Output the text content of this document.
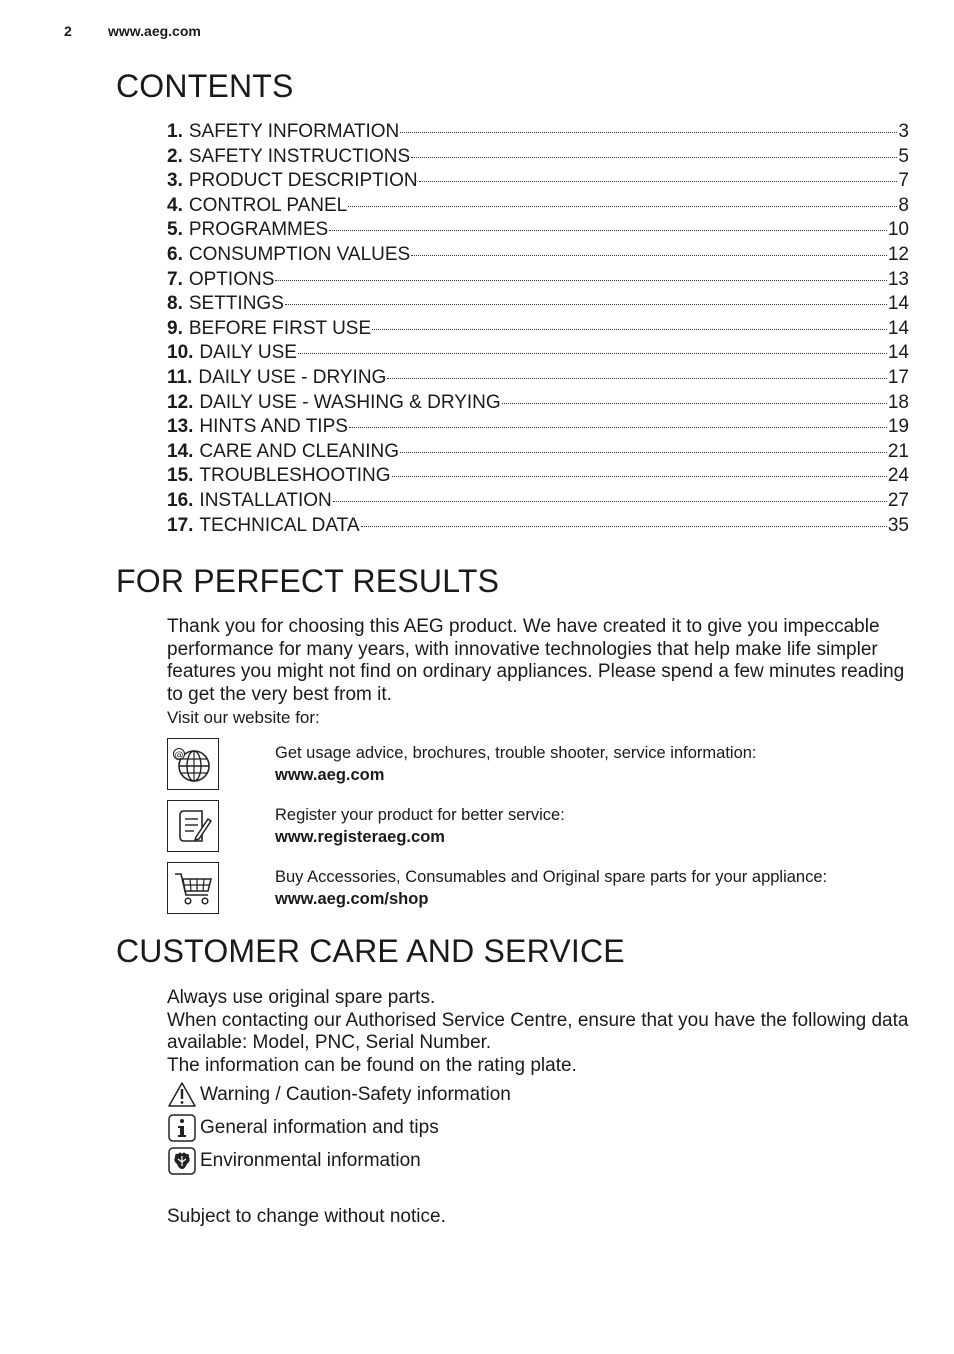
2	www.aeg.com
CONTENTS
1. SAFETY INFORMATION	3
2. SAFETY INSTRUCTIONS	5
3. PRODUCT DESCRIPTION	7
4. CONTROL PANEL	8
5. PROGRAMMES	10
6. CONSUMPTION VALUES	12
7. OPTIONS	13
8. SETTINGS	14
9. BEFORE FIRST USE	14
10. DAILY USE	14
11. DAILY USE - DRYING	17
12. DAILY USE - WASHING & DRYING	18
13. HINTS AND TIPS	19
14. CARE AND CLEANING	21
15. TROUBLESHOOTING	24
16. INSTALLATION	27
17. TECHNICAL DATA	35
FOR PERFECT RESULTS

Thank you for choosing this AEG product. We have created it to give you impeccable performance for many years, with innovative technologies that help make life simpler features you might not find on ordinary appliances. Please spend a few minutes reading to get the very best from it.

Visit our website for:

@	Get usage advice, brochures, trouble shooter, service information:
www.aeg.com
Register your product for better service:
www.registeraeg.com
Buy Accessories, Consumables and Original spare parts for your appliance:
www.aeg.com/shop
CUSTOMER CARE AND SERVICE
Always use original spare parts.
When contacting our Authorised Service Centre, ensure that you have the following data available: Model, PNC, Serial Number.
The information can be found on the rating plate.
Warning / Caution-Safety information
General information and tips
Environmental information

Subject to change without notice.
